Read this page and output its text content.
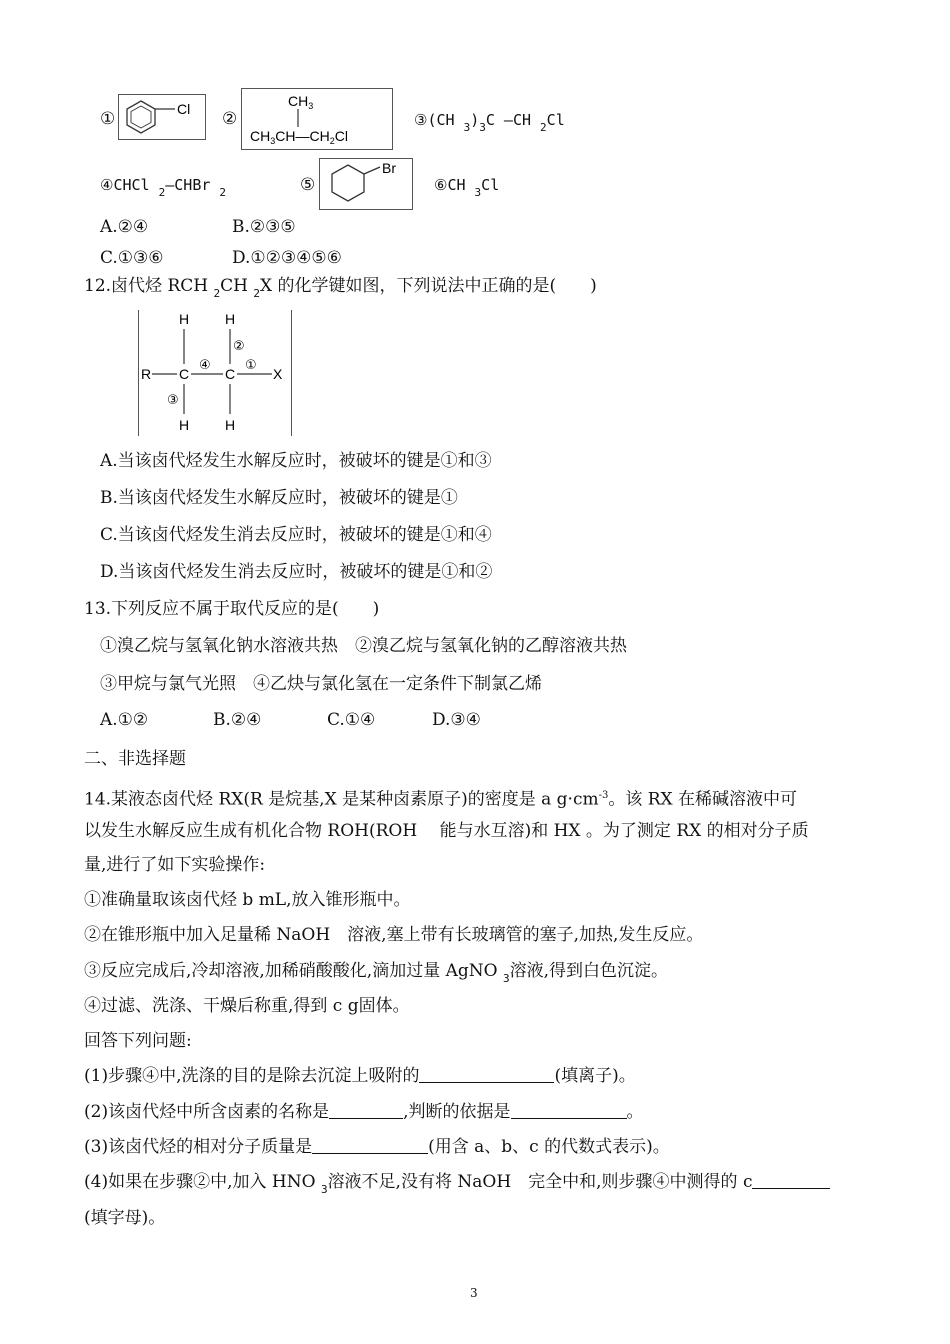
①	Cl ②
$CH_3$
$CH_3CH—CH_2Cl$
③(CH $_3)_3C$ —CH $_2$Cl
④CHCl $_2$—CHBr $_2$	⑤
Br
⑥CH $_3$Cl
A.②④	B.②③⑤
C.①③⑥	D.①②③④⑤⑥
12.卤代烃 RCH $_2$CH $_2$X 的化学键如图，下列说法中正确的是(　　)
H	H
②
R C
④
C
①
X
③
H	H
A.当该卤代烃发生水解反应时，被破坏的键是①和③
B.当该卤代烃发生水解反应时，被破坏的键是①
C.当该卤代烃发生消去反应时，被破坏的键是①和④
D.当该卤代烃发生消去反应时，被破坏的键是①和②
13.下列反应不属于取代反应的是(　　)
①溴乙烷与氢氧化钠水溶液共热　②溴乙烷与氢氧化钠的乙醇溶液共热
③甲烷与氯气光照　④乙炔与氯化氢在一定条件下制氯乙烯
A.①②	B.②④	C.①④	D.③④
二、非选择题
14.某液态卤代烃 RX(R 是烷基,X 是某种卤素原子)的密度是 a $g\cdot cm^{-3}$。该 RX 在稀碱溶液中可
以发生水解反应生成有机化合物 ROH(ROH　 能与水互溶)和 HX 。为了测定 RX 的相对分子质
量,进行了如下实验操作:
①准确量取该卤代烃 b mL,放入锥形瓶中。
②在锥形瓶中加入足量稀 NaOH　溶液,塞上带有长玻璃管的塞子,加热,发生反应。
③反应完成后,冷却溶液,加稀硝酸酸化,滴加过量 AgNO $_3$溶液,得到白色沉淀。
④过滤、洗涤、干燥后称重,得到 c g固体。
回答下列问题:
(1)步骤④中,洗涤的目的是除去沉淀上吸附的	(填离子)。
(2)该卤代烃中所含卤素的名称是	,判断的依据是	。
(3)该卤代烃的相对分子质量是	(用含 a、b、c 的代数式表示)。
(4)如果在步骤②中,加入 HNO $_3$溶液不足,没有将 NaOH　完全中和,则步骤④中测得的 c
(填字母)。
3
